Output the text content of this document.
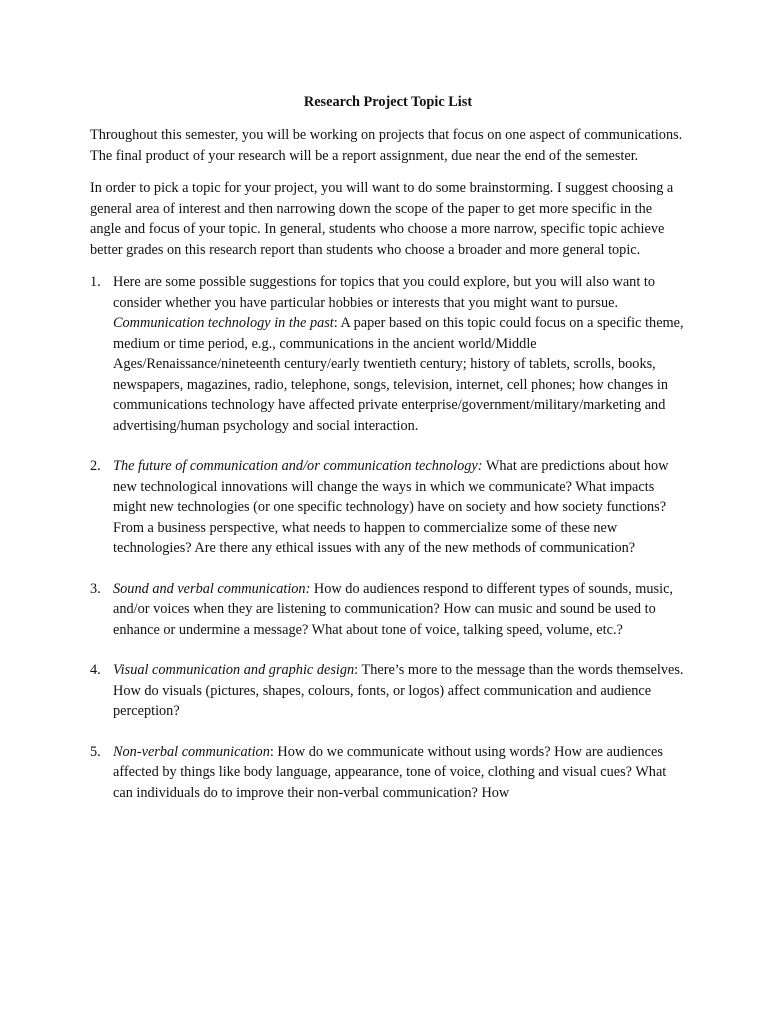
Research Project Topic List

Throughout this semester, you will be working on projects that focus on one aspect of communications. The final product of your research will be a report assignment, due near the end of the semester.

In order to pick a topic for your project, you will want to do some brainstorming. I suggest choosing a general area of interest and then narrowing down the scope of the paper to get more specific in the angle and focus of your topic. In general, students who choose a more narrow, specific topic achieve better grades on this research report than students who choose a broader and more general topic.

1. Here are some possible suggestions for topics that you could explore, but you will also want to consider whether you have particular hobbies or interests that you might want to pursue.
Communication technology in the past: A paper based on this topic could focus on a specific theme, medium or time period, e.g., communications in the ancient world/Middle Ages/Renaissance/nineteenth century/early twentieth century; history of tablets, scrolls, books, newspapers, magazines, radio, telephone, songs, television, internet, cell phones; how changes in communications technology have affected private enterprise/government/military/marketing and advertising/human psychology and social interaction.
2. The future of communication and/or communication technology: What are predictions about how new technological innovations will change the ways in which we communicate? What impacts might new technologies (or one specific technology) have on society and how society functions? From a business perspective, what needs to happen to commercialize some of these new technologies? Are there any ethical issues with any of the new methods of communication?
3. Sound and verbal communication: How do audiences respond to different types of sounds, music, and/or voices when they are listening to communication? How can music and sound be used to enhance or undermine a message? What about tone of voice, talking speed, volume, etc.?
4. Visual communication and graphic design: There’s more to the message than the words themselves. How do visuals (pictures, shapes, colours, fonts, or logos) affect communication and audience perception?
5. Non-verbal communication: How do we communicate without using words? How are audiences affected by things like body language, appearance, tone of voice, clothing and visual cues? What can individuals do to improve their non-verbal communication? How
